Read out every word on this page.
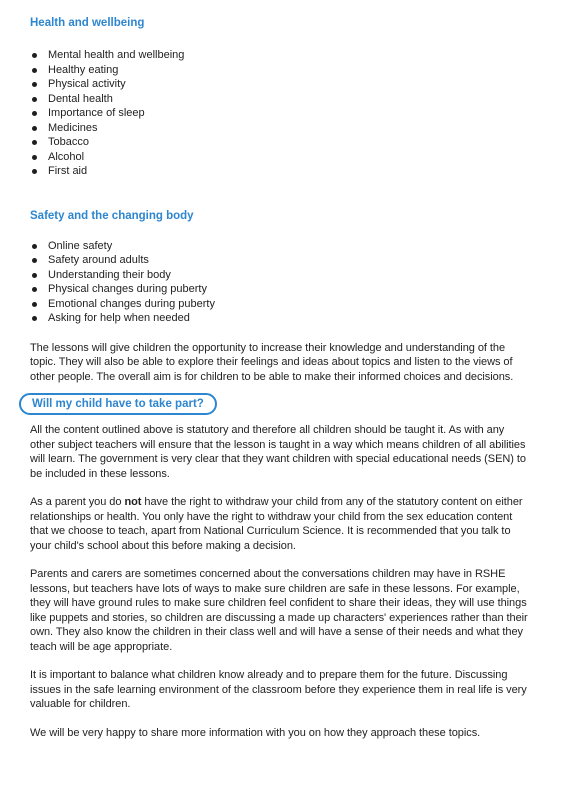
Health and wellbeing
Mental health and wellbeing
Healthy eating
Physical activity
Dental health
Importance of sleep
Medicines
Tobacco
Alcohol
First aid
Safety and the changing body
Online safety
Safety around adults
Understanding their body
Physical changes during puberty
Emotional changes during puberty
Asking for help when needed

The lessons will give children the opportunity to increase their knowledge and understanding of the topic. They will also be able to explore their feelings and ideas about topics and listen to the views of other people. The overall aim is for children to be able to make their informed choices and decisions.

Will my child have to take part?

All the content outlined above is statutory and therefore all children should be taught it. As with any other subject teachers will ensure that the lesson is taught in a way which means children of all abilities will learn. The government is very clear that they want children with special educational needs (SEN) to be included in these lessons.

As a parent you do not have the right to withdraw your child from any of the statutory content on either relationships or health. You only have the right to withdraw your child from the sex education content that we choose to teach, apart from National Curriculum Science. It is recommended that you talk to your child's school about this before making a decision.

Parents and carers are sometimes concerned about the conversations children may have in RSHE lessons, but teachers have lots of ways to make sure children are safe in these lessons. For example, they will have ground rules to make sure children feel confident to share their ideas, they will use things like puppets and stories, so children are discussing a made up characters' experiences rather than their own. They also know the children in their class well and will have a sense of their needs and what they teach will be age appropriate.

It is important to balance what children know already and to prepare them for the future. Discussing issues in the safe learning environment of the classroom before they experience them in real life is very valuable for children.

We will be very happy to share more information with you on how they approach these topics.
